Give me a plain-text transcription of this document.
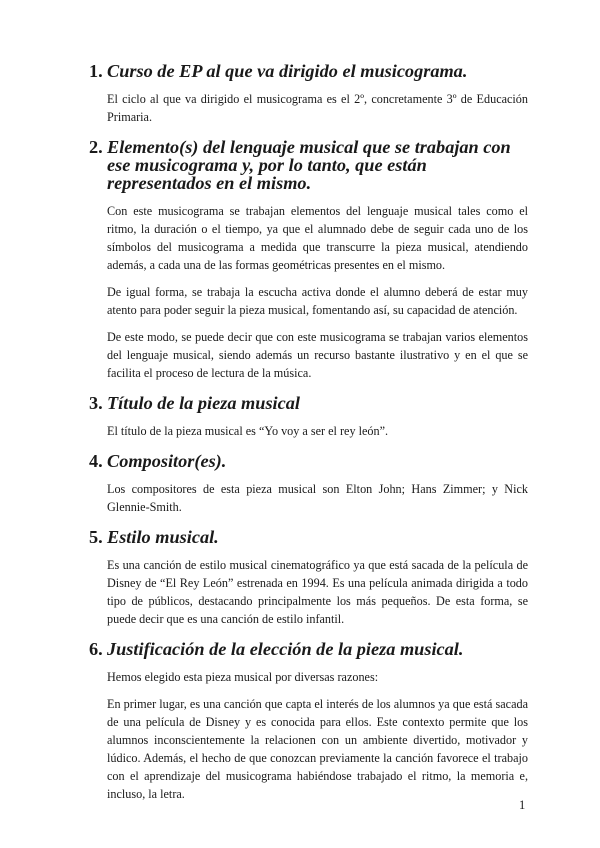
1. Curso de EP al que va dirigido el musicograma.

El ciclo al que va dirigido el musicograma es el 2º, concretamente 3º de Educación Primaria.

2. Elemento(s) del lenguaje musical que se trabajan con ese musicograma y, por lo tanto, que están representados en el mismo.

Con este musicograma se trabajan elementos del lenguaje musical tales como el ritmo, la duración o el tiempo, ya que el alumnado debe de seguir cada uno de los símbolos del musicograma a medida que transcurre la pieza musical, atendiendo además, a cada una de las formas geométricas presentes en el mismo.

De igual forma, se trabaja la escucha activa donde el alumno deberá de estar muy atento para poder seguir la pieza musical, fomentando así, su capacidad de atención.

De este modo, se puede decir que con este musicograma se trabajan varios elementos del lenguaje musical, siendo además un recurso bastante ilustrativo y en el que se facilita el proceso de lectura de la música.

3. Título de la pieza musical

El título de la pieza musical es “Yo voy a ser el rey león”.

4. Compositor(es).

Los compositores de esta pieza musical son Elton John; Hans Zimmer; y Nick Glennie-Smith.

5. Estilo musical.

Es una canción de estilo musical cinematográfico ya que está sacada de la película de Disney de “El Rey León” estrenada en 1994. Es una película animada dirigida a todo tipo de públicos, destacando principalmente los más pequeños. De esta forma, se puede decir que es una canción de estilo infantil.

6. Justificación de la elección de la pieza musical.

Hemos elegido esta pieza musical por diversas razones:

En primer lugar, es una canción que capta el interés de los alumnos ya que está sacada de una película de Disney y es conocida para ellos. Este contexto permite que los alumnos inconscientemente la relacionen con un ambiente divertido, motivador y lúdico. Además, el hecho de que conozcan previamente la canción favorece el trabajo con el aprendizaje del musicograma habiéndose trabajado el ritmo, la memoria e, incluso, la letra.

1
